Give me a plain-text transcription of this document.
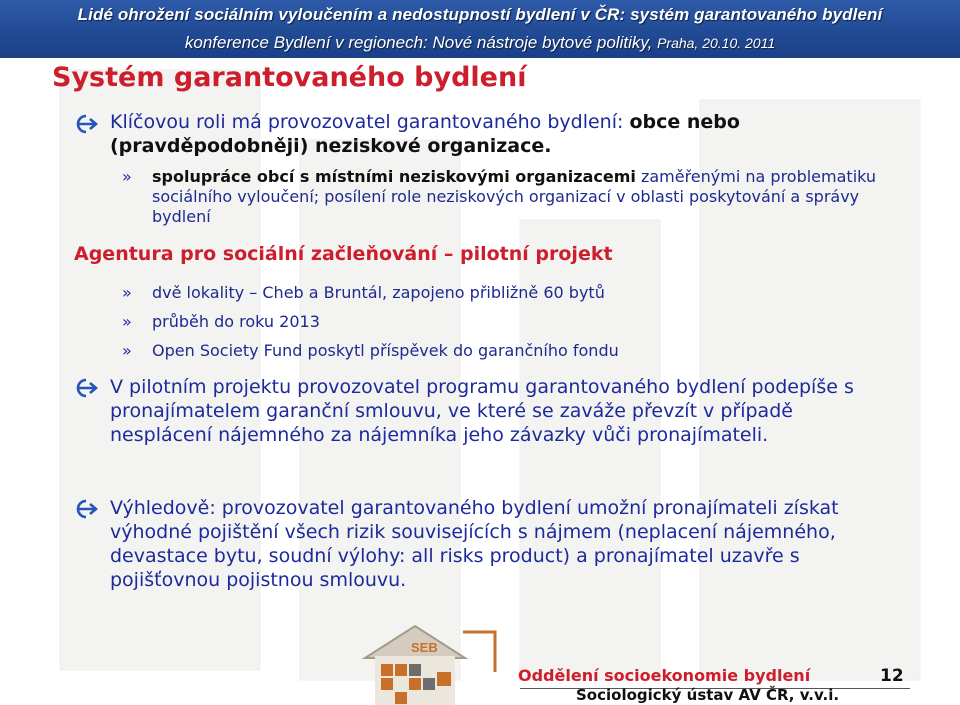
Lidé ohrožení sociálním vyloučením a nedostupností bydlení v ČR: systém garantovaného bydlení
konference Bydlení v regionech: Nové nástroje bytové politiky, Praha, 20.10. 2011
Systém garantovaného bydlení
Klíčovou roli má provozovatel garantovaného bydlení: obce nebo (pravděpodobněji) neziskové organizace.
» spolupráce obcí s místními neziskovými organizacemi zaměřenými na problematiku sociálního vyloučení; posílení role neziskových organizací v oblasti poskytování a správy bydlení
Agentura pro sociální začleňování – pilotní projekt
» dvě lokality – Cheb a Bruntál, zapojeno přibližně 60 bytů
» průběh do roku 2013
» Open Society Fund poskytl příspěvek do garančního fondu
V pilotním projektu provozovatel programu garantovaného bydlení podepíše s pronajímatelem garanční smlouvu, ve které se zaváže převzít v případě nesplácení nájemného za nájemníka jeho závazky vůči pronajímateli.
Výhledově: provozovatel garantovaného bydlení umožní pronajímateli získat výhodné pojištění všech rizik souvisejících s nájmem (neplacení nájemného, devastace bytu, soudní výlohy: all risks product) a pronajímatel uzavře s pojišťovnou pojistnou smlouvu.
SEB
Oddělení socioekonomie bydlení	12
Sociologický ústav AV ČR, v.v.i.
